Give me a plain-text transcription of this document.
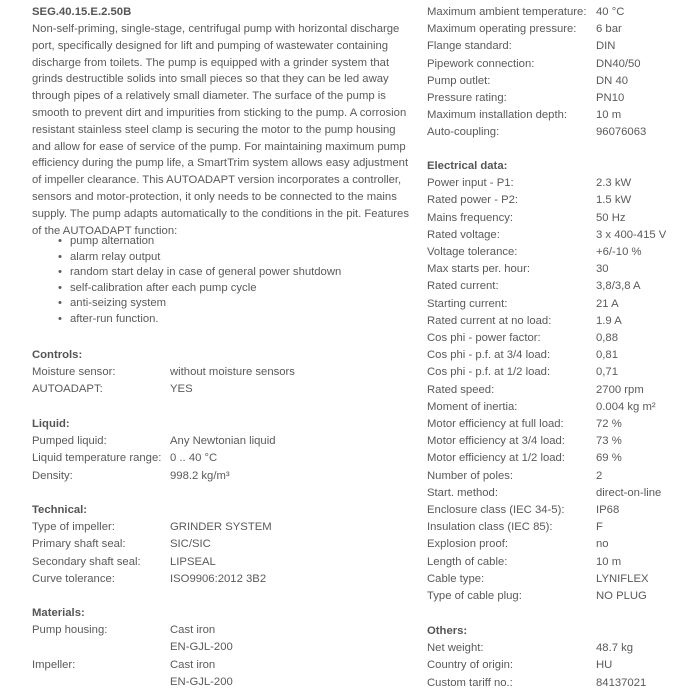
SEG.40.15.E.2.50B
Non-self-priming, single-stage, centrifugal pump with horizontal discharge
port, specifically designed for lift and pumping of wastewater containing
discharge from toilets. The pump is equipped with a grinder system that
grinds destructible solids into small pieces so that they can be led away
through pipes of a relatively small diameter. The surface of the pump is
smooth to prevent dirt and impurities from sticking to the pump. A corrosion
resistant stainless steel clamp is securing the motor to the pump housing
and allow for ease of service of the pump. For maintaining maximum pump
efficiency during the pump life, a SmartTrim system allows easy adjustment
of impeller clearance. This AUTOADAPT version incorporates a controller,
sensors and motor-protection, it only needs to be connected to the mains
supply. The pump adapts automatically to the conditions in the pit. Features
of the AUTOADAPT function:
• pump alternation
• alarm relay output
• random start delay in case of general power shutdown
• self-calibration after each pump cycle
• anti-seizing system
• after-run function.
Controls:
Moisture sensor:	without moisture sensors
AUTOADAPT:	YES
Liquid:
Pumped liquid:	Any Newtonian liquid
Liquid temperature range: 0 .. 40 °C
Density:	998.2 kg/m³
Technical:
Type of impeller:	GRINDER SYSTEM
Primary shaft seal:	SIC/SIC
Secondary shaft seal:	LIPSEAL
Curve tolerance:	ISO9906:2012 3B2
Materials:
Pump housing:	Cast iron
EN-GJL-200
Impeller:	Cast iron
EN-GJL-200
Maximum ambient temperature: 40 °C
Maximum operating pressure:	6 bar
Flange standard:	DIN
Pipework connection:	DN40/50
Pump outlet:	DN 40
Pressure rating:	PN10
Maximum installation depth:	10 m
Auto-coupling:	96076063
Electrical data:
Power input - P1:	2.3 kW
Rated power - P2:	1.5 kW
Mains frequency:	50 Hz
Rated voltage:	3 x 400-415 V
Voltage tolerance:	+6/-10 %
Max starts per. hour:	30
Rated current:	3,8/3,8 A
Starting current:	21 A
Rated current at no load:	1.9 A
Cos phi - power factor:	0,88
Cos phi - p.f. at 3/4 load:	0,81
Cos phi - p.f. at 1/2 load:	0,71
Rated speed:	2700 rpm
Moment of inertia:	0.004 kg m²
Motor efficiency at full load:	72 %
Motor efficiency at 3/4 load:	73 %
Motor efficiency at 1/2 load:	69 %
Number of poles:	2
Start. method:	direct-on-line
Enclosure class (IEC 34-5):	IP68
Insulation class (IEC 85):	F
Explosion proof:	no
Length of cable:	10 m
Cable type:	LYNIFLEX
Type of cable plug:	NO PLUG
Others:
Net weight:	48.7 kg
Country of origin:	HU
Custom tariff no.:	84137021
